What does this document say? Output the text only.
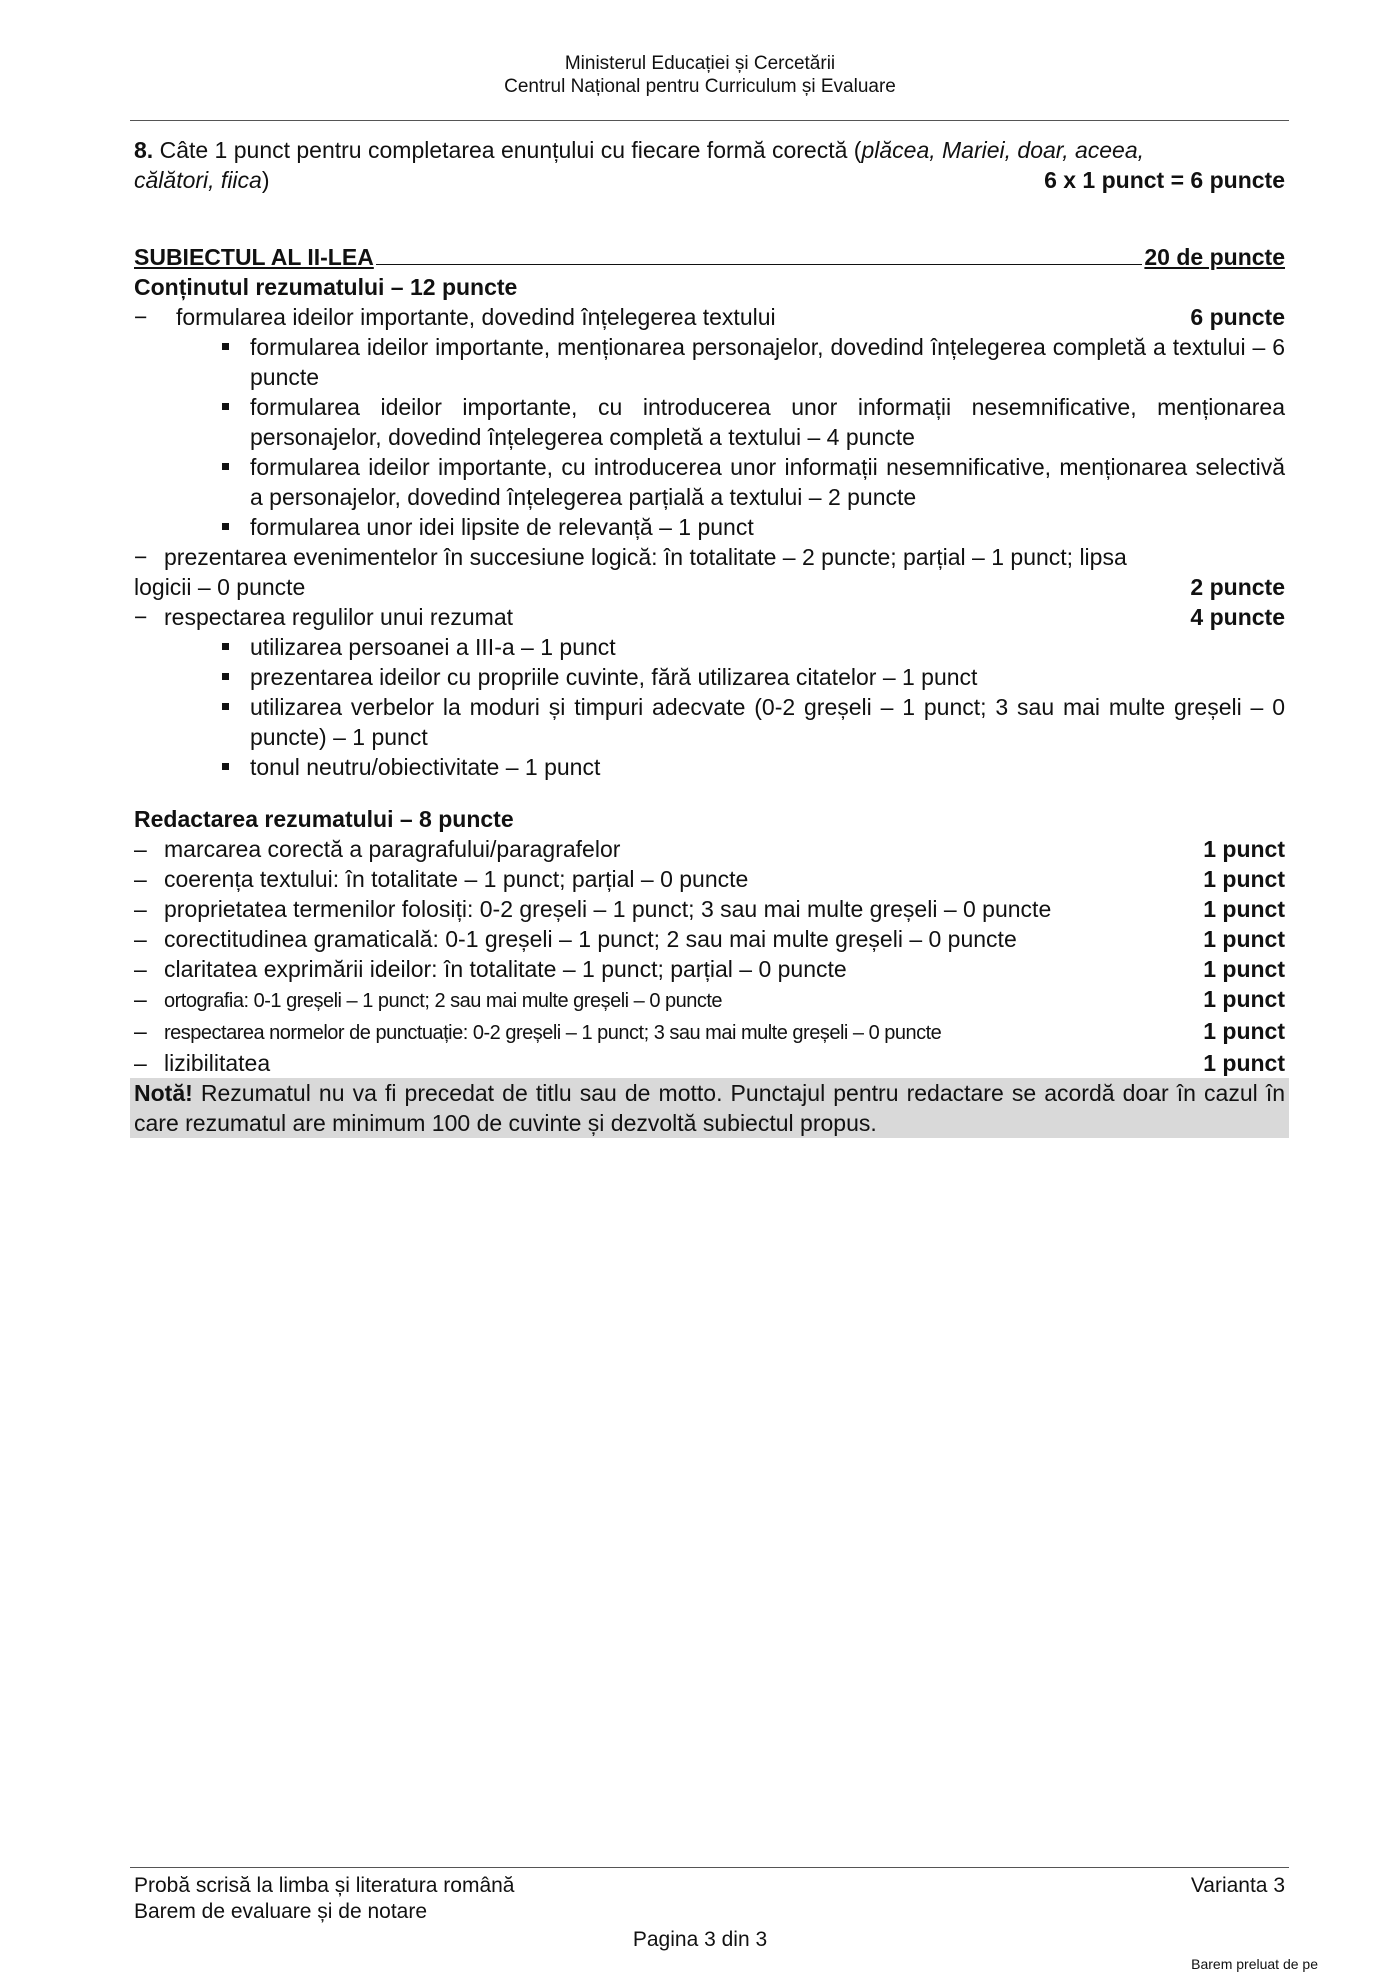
Ministerul Educației și Cercetării
Centrul Național pentru Curriculum și Evaluare
8. Câte 1 punct pentru completarea enunțului cu fiecare formă corectă (plăcea, Mariei, doar, aceea,
călători, fiica)	6 x 1 punct = 6 puncte
SUBIECTUL AL II-LEA	20 de puncte
Conținutul rezumatului – 12 puncte
− formularea ideilor importante, dovedind înțelegerea textului	6 puncte
formularea ideilor importante, menționarea personajelor, dovedind înțelegerea completă a textului – 6 puncte
formularea ideilor importante, cu introducerea unor informații nesemnificative, menționarea personajelor, dovedind înțelegerea completă a textului – 4 puncte
formularea ideilor importante, cu introducerea unor informații nesemnificative, menționarea selectivă a personajelor, dovedind înțelegerea parțială a textului – 2 puncte
formularea unor idei lipsite de relevanță – 1 punct
− prezentarea evenimentelor în succesiune logică: în totalitate – 2 puncte; parțial – 1 punct; lipsa
logicii – 0 puncte	2 puncte
− respectarea regulilor unui rezumat	4 puncte
utilizarea persoanei a III-a – 1 punct
prezentarea ideilor cu propriile cuvinte, fără utilizarea citatelor – 1 punct
utilizarea verbelor la moduri și timpuri adecvate (0-2 greșeli – 1 punct; 3 sau mai multe greșeli – 0 puncte) – 1 punct
tonul neutru/obiectivitate – 1 punct
Redactarea rezumatului – 8 puncte
– marcarea corectă a paragrafului/paragrafelor	1 punct
– coerența textului: în totalitate – 1 punct; parțial – 0 puncte	1 punct
– proprietatea termenilor folosiți: 0-2 greșeli – 1 punct; 3 sau mai multe greșeli – 0 puncte	1 punct
– corectitudinea gramaticală: 0-1 greșeli – 1 punct; 2 sau mai multe greșeli – 0 puncte	1 punct
– claritatea exprimării ideilor: în totalitate – 1 punct; parțial – 0 puncte	1 punct
– ortografia: 0-1 greșeli – 1 punct; 2 sau mai multe greșeli – 0 puncte	1 punct
– respectarea normelor de punctuație: 0-2 greșeli – 1 punct; 3 sau mai multe greșeli – 0 puncte	1 punct
– lizibilitatea	1 punct
Notă! Rezumatul nu va fi precedat de titlu sau de motto. Punctajul pentru redactare se acordă doar în cazul în care rezumatul are minimum 100 de cuvinte și dezvoltă subiectul propus.
Probă scrisă la limba și literatura română	Varianta 3
Barem de evaluare și de notare
Pagina 3 din 3
Barem preluat de pe
